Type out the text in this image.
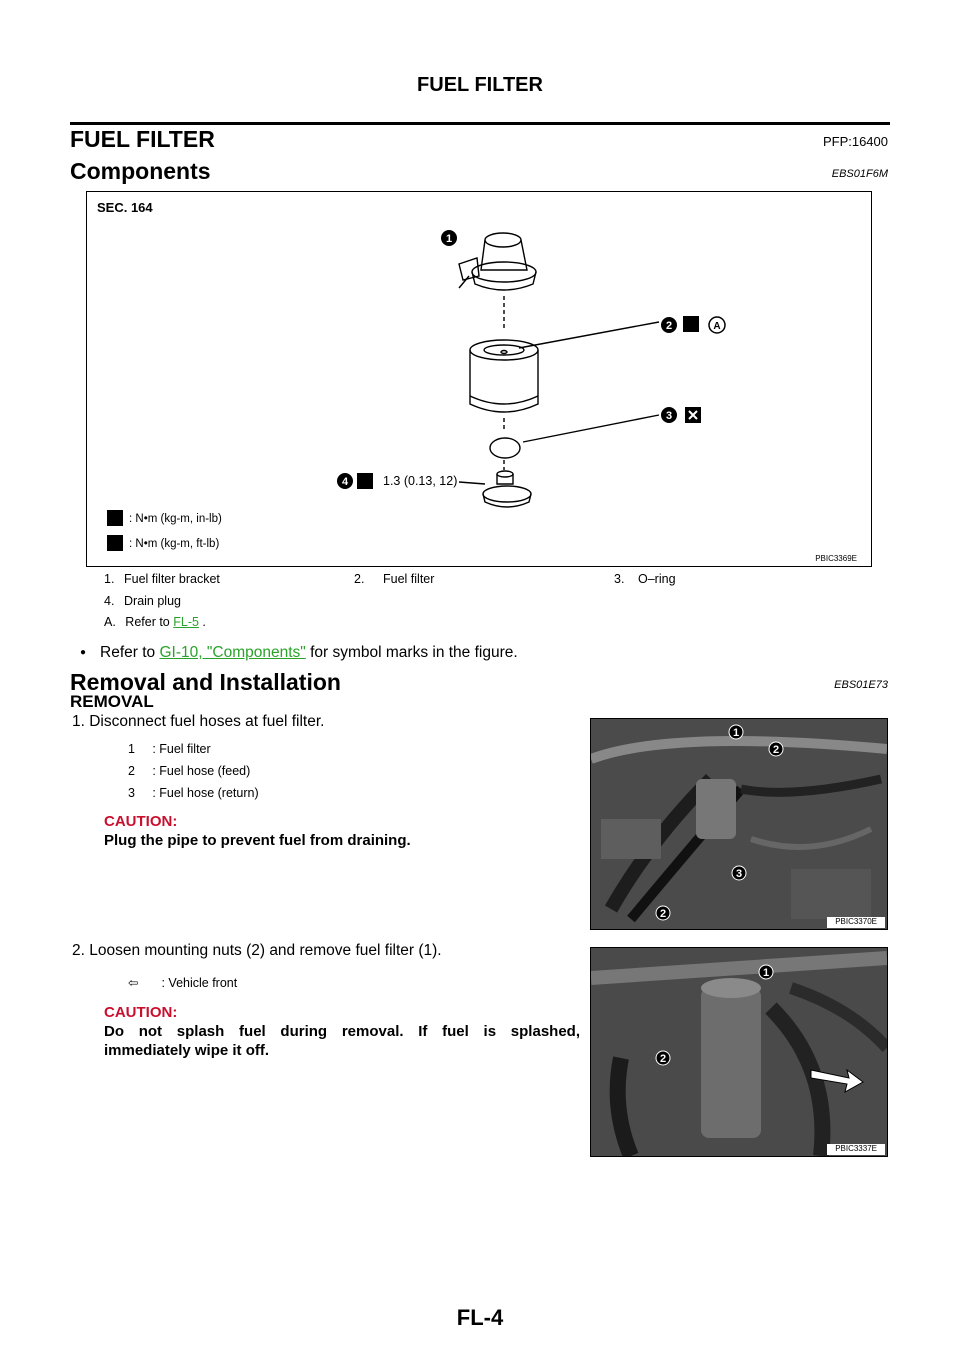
FUEL FILTER
FUEL FILTER	PFP:16400
Components	EBS01F6M
SEC. 164
1
2	A
3
4	1.3 (0.13, 12)
: N•m (kg-m, in-lb)
: N•m (kg-m, ft-lb)
PBIC3369E
1. Fuel filter bracket	2. Fuel filter	3. O–ring
4. Drain plug
A. Refer to FL-5 .
● Refer to GI-10, "Components" for symbol marks in the figure.
Removal and Installation	EBS01E73
REMOVAL
1. Disconnect fuel hoses at fuel filter.
1     : Fuel filter
2     : Fuel hose (feed)
3     : Fuel hose (return)
CAUTION:
Plug the pipe to prevent fuel from draining.
1
2
3
2
PBIC3370E
2. Loosen mounting nuts (2) and remove fuel filter (1).
⇦ : Vehicle front
CAUTION:
Do not splash fuel during removal. If fuel is splashed,
immediately wipe it off.
1
2
PBIC3337E
FL-4
